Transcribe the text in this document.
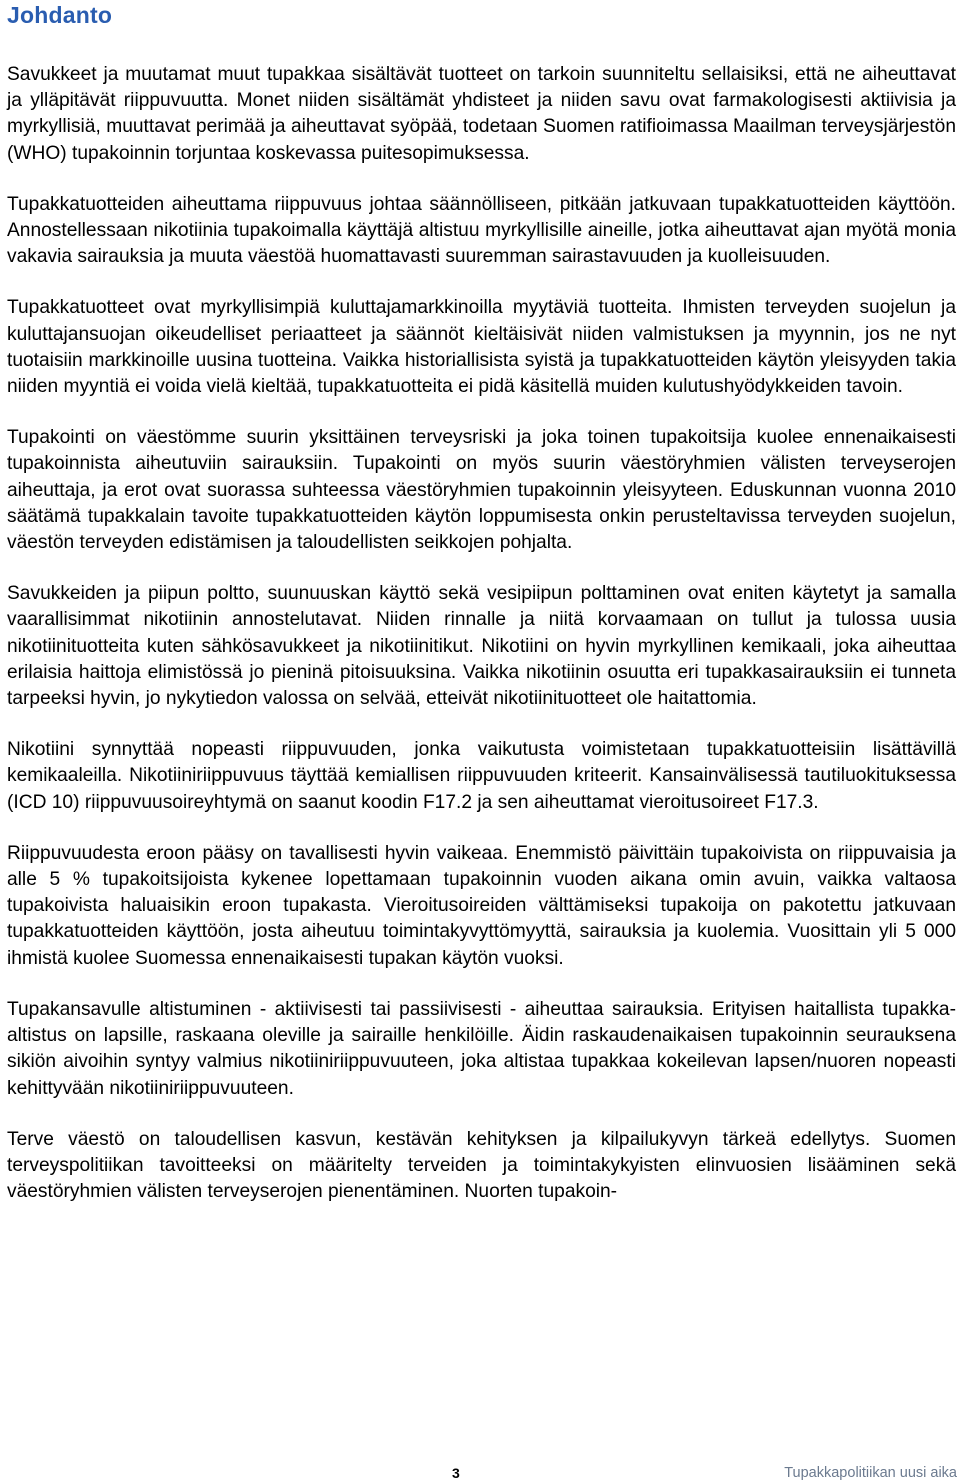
Johdanto

Savukkeet ja muutamat muut tupakkaa sisältävät tuotteet on tarkoin suunniteltu sellaisiksi, että ne aiheuttavat ja ylläpitävät riippuvuutta. Monet niiden sisältämät yhdisteet ja niiden savu ovat farmakologisesti aktiivisia ja myrkyllisiä, muuttavat perimää ja aiheuttavat syöpää, todetaan Suomen ratifioimassa Maailman terveysjärjestön (WHO) tupakoinnin torjuntaa koskevassa puitesopimuksessa.

Tupakkatuotteiden aiheuttama riippuvuus johtaa säännölliseen, pitkään jatkuvaan tupakkatuotteiden käyttöön. Annostellessaan nikotiinia tupakoimalla käyttäjä altistuu myrkyllisille aineille, jotka aiheuttavat ajan myötä monia vakavia sairauksia ja muuta väestöä huomattavasti suuremman sairastavuuden ja kuolleisuuden.

Tupakkatuotteet ovat myrkyllisimpiä kuluttajamarkkinoilla myytäviä tuotteita. Ihmisten terveyden suojelun ja kuluttajansuojan oikeudelliset periaatteet ja säännöt kieltäisivät niiden valmistuksen ja myynnin, jos ne nyt tuotaisiin markkinoille uusina tuotteina. Vaikka historiallisista syistä ja tupakkatuotteiden käytön yleisyyden takia niiden myyntiä ei voida vielä kieltää, tupakkatuotteita ei pidä käsitellä muiden kulutushyödykkeiden tavoin.

Tupakointi on väestömme suurin yksittäinen terveysriski ja joka toinen tupakoitsija kuolee ennenaikaisesti tupakoinnista aiheutuviin sairauksiin. Tupakointi on myös suurin väestöryhmien välisten terveyserojen aiheuttaja, ja erot ovat suorassa suhteessa väestöryhmien tupakoinnin yleisyyteen. Eduskunnan vuonna 2010 säätämä tupakkalain tavoite tupakkatuotteiden käytön loppumisesta onkin perusteltavissa terveyden suojelun, väestön terveyden edistämisen ja taloudellisten seikkojen pohjalta.

Savukkeiden ja piipun poltto, suunuuskan käyttö sekä vesipiipun polttaminen ovat eniten käytetyt ja samalla vaarallisimmat nikotiinin annostelutavat. Niiden rinnalle ja niitä korvaamaan on tullut ja tulossa uusia nikotiinituotteita kuten sähkösavukkeet ja nikotiinitikut. Nikotiini on hyvin myrkyllinen kemikaali, joka aiheuttaa erilaisia haittoja elimistössä jo pieninä pitoisuuksina. Vaikka nikotiinin osuutta eri tupakkasairauksiin ei tunneta tarpeeksi hyvin, jo nykytiedon valossa on selvää, etteivät nikotiinituotteet ole haitattomia.

Nikotiini synnyttää nopeasti riippuvuuden, jonka vaikutusta voimistetaan tupakkatuotteisiin lisättävillä kemikaaleilla. Nikotiiniriippuvuus täyttää kemiallisen riippuvuuden kriteerit. Kansainvälisessä tautiluokituksessa (ICD 10) riippuvuusoireyhtymä on saanut koodin F17.2 ja sen aiheuttamat vieroitusoireet F17.3.

Riippuvuudesta eroon pääsy on tavallisesti hyvin vaikeaa. Enemmistö päivittäin tupakoivista on riippuvaisia ja alle 5 % tupakoitsijoista kykenee lopettamaan tupakoinnin vuoden aikana omin avuin, vaikka valtaosa tupakoivista haluaisikin eroon tupakasta. Vieroitusoireiden välttämiseksi tupakoija on pakotettu jatkuvaan tupakkatuotteiden käyttöön, josta aiheutuu toimintakyvyttömyyttä, sairauksia ja kuolemia. Vuosittain yli 5 000 ihmistä kuolee Suomessa ennenaikaisesti tupakan käytön vuoksi.

Tupakansavulle altistuminen - aktiivisesti tai passiivisesti - aiheuttaa sairauksia. Erityisen haitallista tupakka-altistus on lapsille, raskaana oleville ja sairaille henkilöille. Äidin raskaudenaikaisen tupakoinnin seurauksena sikiön aivoihin syntyy valmius nikotiiniriippuvuuteen, joka altistaa tupakkaa kokeilevan lapsen/nuoren nopeasti kehittyvään nikotiiniriippuvuuteen.

Terve väestö on taloudellisen kasvun, kestävän kehityksen ja kilpailukyvyn tärkeä edellytys. Suomen terveyspolitiikan tavoitteeksi on määritelty terveiden ja toimintakykyisten elinvuosien lisääminen sekä väestöryhmien välisten terveyserojen pienentäminen. Nuorten tupakoin-

3	Tupakkapolitiikan uusi aika
